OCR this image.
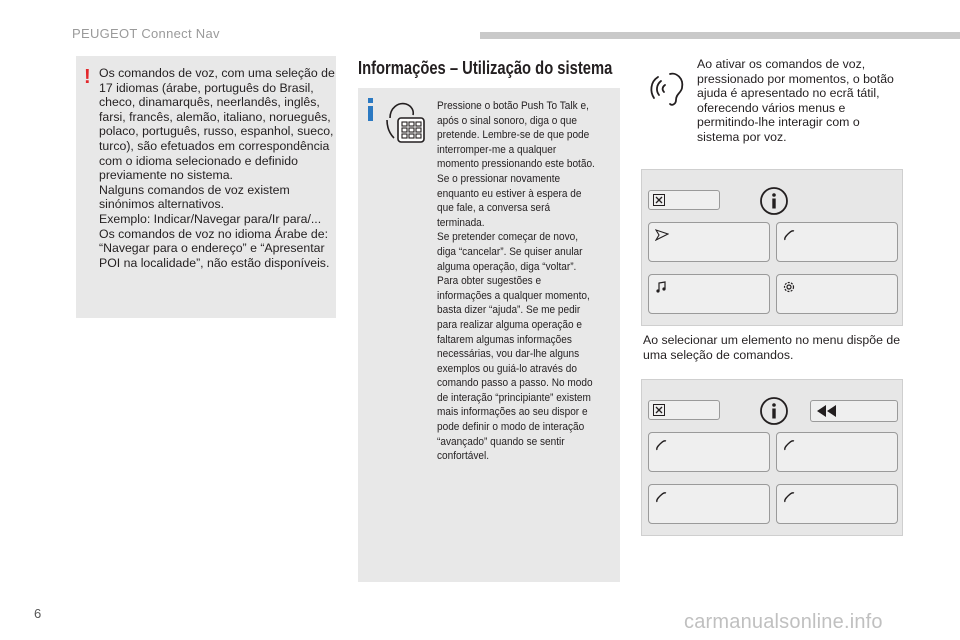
PEUGEOT Connect Nav
! Os comandos de voz, com uma seleção de 17 idiomas (árabe, português do Brasil, checo, dinamarquês, neerlandês, inglês, farsi, francês, alemão, italiano, norueguês, polaco, português, russo, espanhol, sueco, turco), são efetuados em correspondência com o idioma selecionado e definido previamente no sistema.

Nalguns comandos de voz existem sinónimos alternativos.

Exemplo: Indicar/Navegar para/Ir para/...

Os comandos de voz no idioma Árabe de: “Navegar para o endereço” e “Apresentar POI na localidade”, não estão disponíveis.

Informações – Utilização do sistema

Pressione o botão Push To Talk e, após o sinal sonoro, diga o que pretende. Lembre-se de que pode interromper-me a qualquer momento pressionando este botão. Se o pressionar novamente enquanto eu estiver à espera de que fale, a conversa será terminada.

Se pretender começar de novo, diga “cancelar”. Se quiser anular alguma operação, diga “voltar”.

Para obter sugestões e informações a qualquer momento, basta dizer “ajuda”. Se me pedir para realizar alguma operação e faltarem algumas informações necessárias, vou dar-lhe alguns exemplos ou guiá-lo através do comando passo a passo. No modo de interação “principiante” existem mais informações ao seu dispor e pode definir o modo de interação “avançado” quando se sentir confortável.

Ao ativar os comandos de voz, pressionado por momentos, o botão ajuda é apresentado no ecrã tátil, oferecendo vários menus e permitindo-lhe interagir com o sistema por voz.

Ao selecionar um elemento no menu dispõe de uma seleção de comandos.

6	carmanualsonline.info
